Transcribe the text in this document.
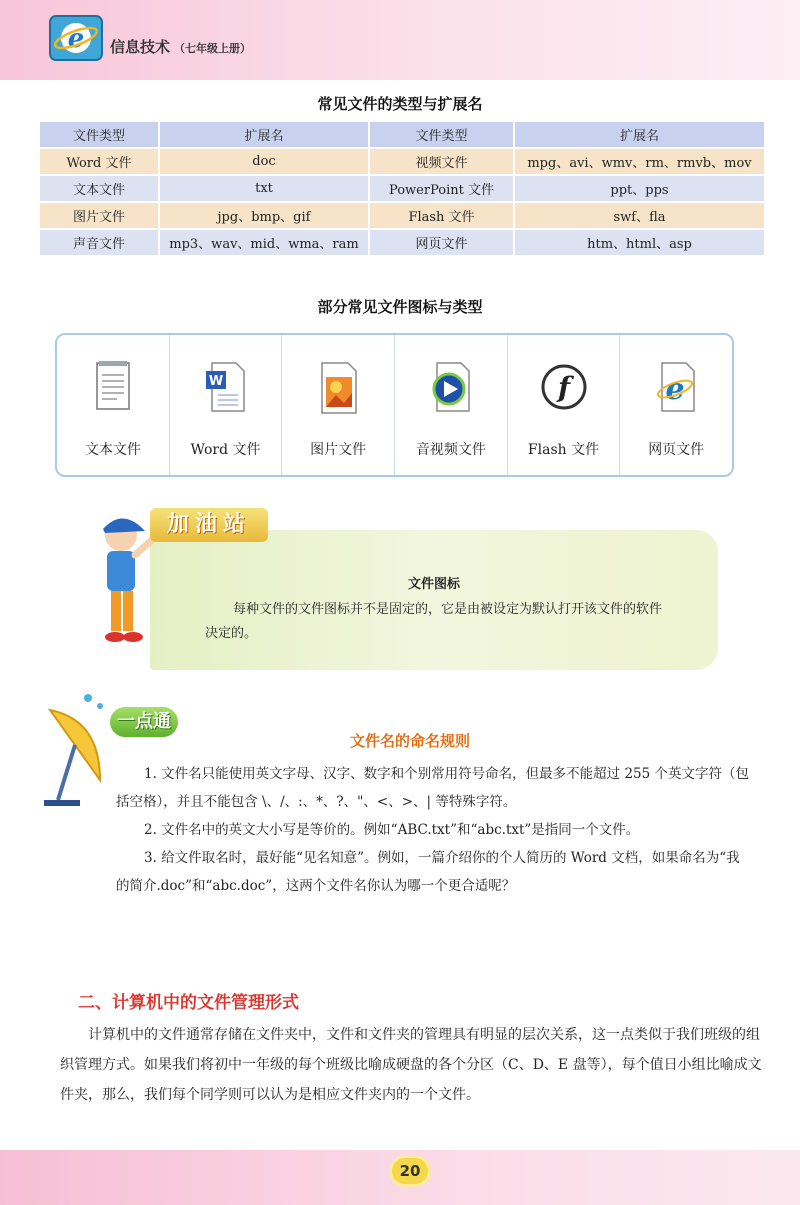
e 信息技术 （七年级上册）
常见文件的类型与扩展名
文件类型	扩展名	文件类型	扩展名
Word 文件	doc	视频文件	mpg、avi、wmv、rm、rmvb、mov
文本文件	txt	PowerPoint 文件	ppt、pps
图片文件	jpg、bmp、gif	Flash 文件	swf、fla
声音文件	mp3、wav、mid、wma、ram	网页文件	htm、html、asp
部分常见文件图标与类型
文本文件
W
Word 文件	图片文件	音视频文件
f
Flash 文件
e
网页文件
加油站
文件图标
每种文件的文件图标并不是固定的，它是由被设定为默认打开该文件的软件决定的。
一点通
文件名的命名规则

1. 文件名只能使用英文字母、汉字、数字和个别常用符号命名，但最多不能超过 255 个英文字符（包括空格），并且不能包含 \、/、:、*、?、"、<、>、| 等特殊字符。

2. 文件名中的英文大小写是等价的。例如“ABC.txt”和“abc.txt”是指同一个文件。

3. 给文件取名时，最好能“见名知意”。例如，一篇介绍你的个人简历的 Word 文档，如果命名为“我的简介.doc”和“abc.doc”，这两个文件名你认为哪一个更合适呢？

二、计算机中的文件管理形式

计算机中的文件通常存储在文件夹中，文件和文件夹的管理具有明显的层次关系，这一点类似于我们班级的组织管理方式。如果我们将初中一年级的每个班级比喻成硬盘的各个分区（C、D、E 盘等），每个值日小组比喻成文件夹，那么，我们每个同学则可以认为是相应文件夹内的一个文件。

20
